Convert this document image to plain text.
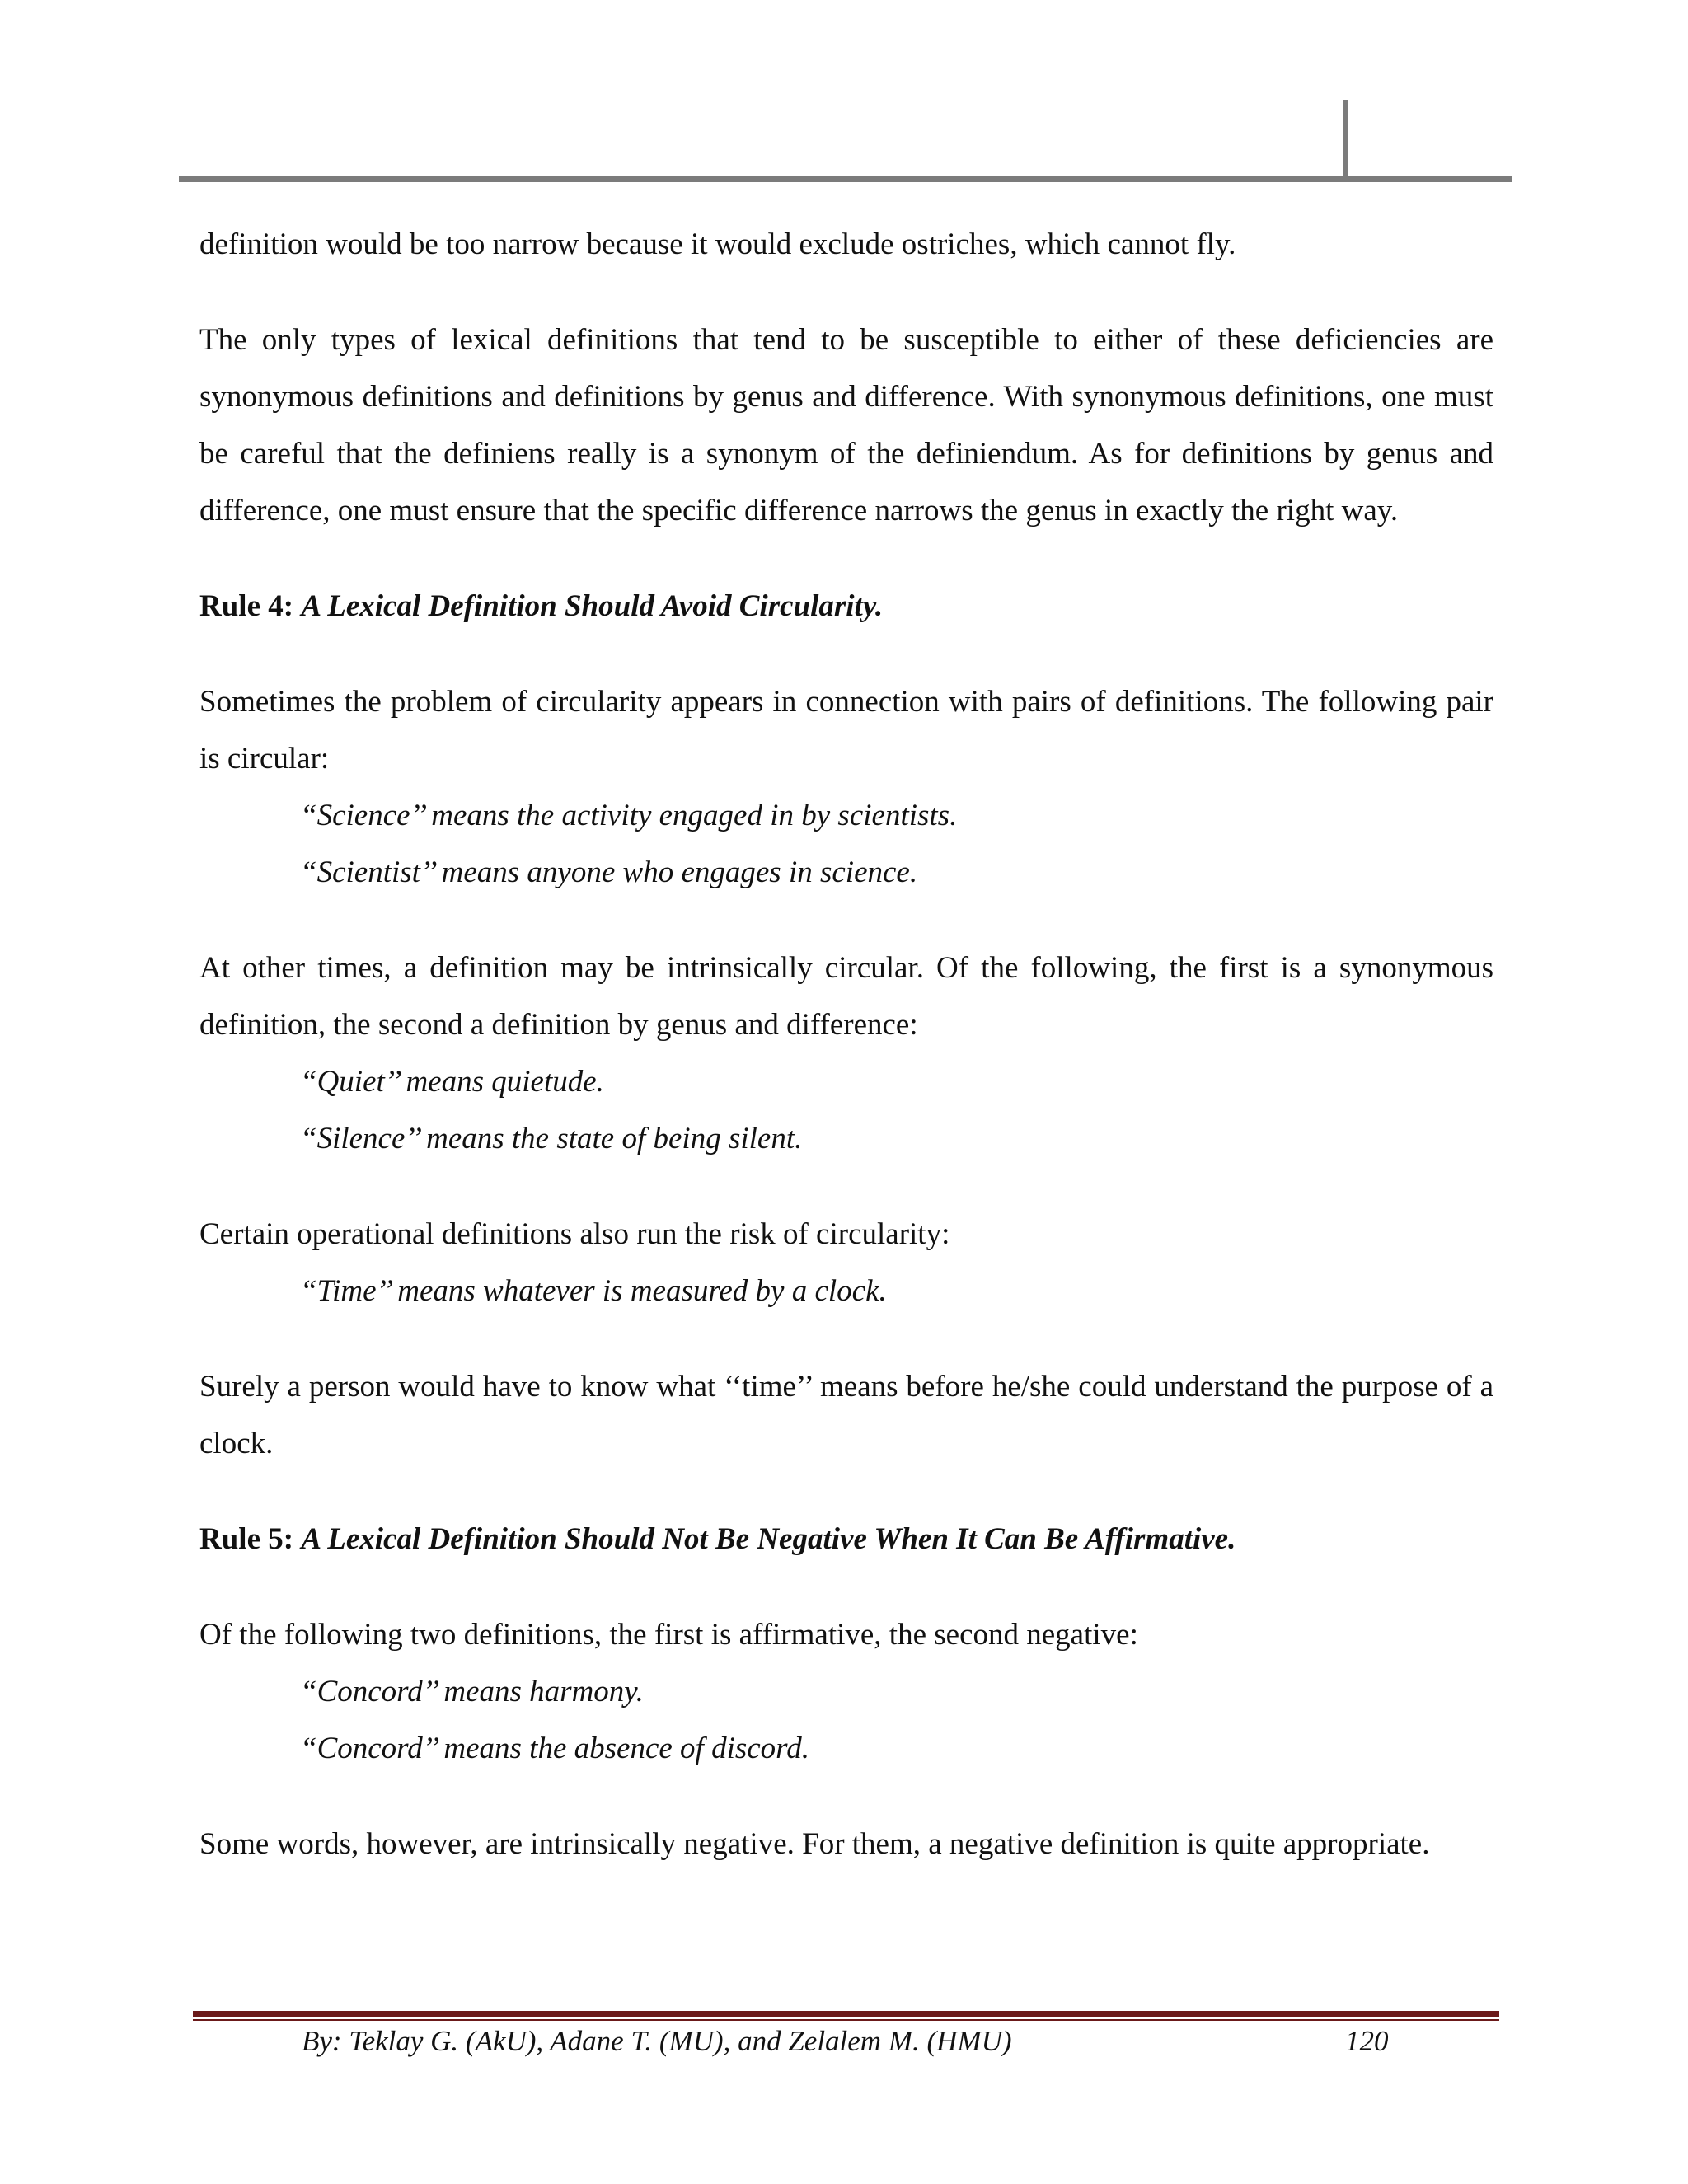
definition would be too narrow because it would exclude ostriches, which cannot fly.

The only types of lexical definitions that tend to be susceptible to either of these deficiencies are synonymous definitions and definitions by genus and difference. With synonymous definitions, one must be careful that the definiens really is a synonym of the definiendum. As for definitions by genus and difference, one must ensure that the specific difference narrows the genus in exactly the right way.

Rule 4: A Lexical Definition Should Avoid Circularity.

Sometimes the problem of circularity appears in connection with pairs of definitions. The following pair is circular:

“Science’’ means the activity engaged in by scientists.

“Scientist’’ means anyone who engages in science.

At other times, a definition may be intrinsically circular. Of the following, the first is a synonymous definition, the second a definition by genus and difference:

“Quiet’’ means quietude.

“Silence’’ means the state of being silent.

Certain operational definitions also run the risk of circularity:

“Time’’ means whatever is measured by a clock.

Surely a person would have to know what ‘‘time’’ means before he/she could understand the purpose of a clock.

Rule 5: A Lexical Definition Should Not Be Negative When It Can Be Affirmative.

Of the following two definitions, the first is affirmative, the second negative:

“Concord’’ means harmony.

“Concord’’ means the absence of discord.

Some words, however, are intrinsically negative. For them, a negative definition is quite appropriate.

By: Teklay G. (AkU), Adane T. (MU), and Zelalem M. (HMU)	120
